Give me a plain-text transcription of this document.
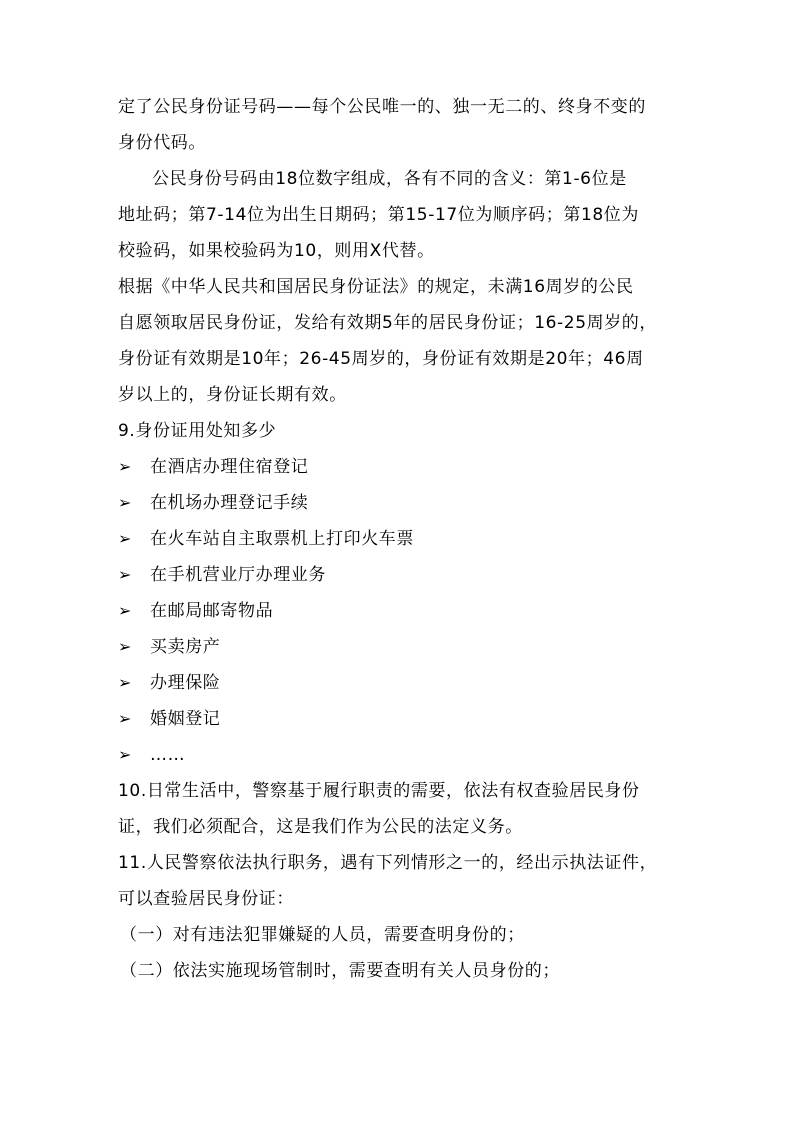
定了公民身份证号码——每个公民唯一的、独一无二的、终身不变的
身份代码。
公民身份号码由18位数字组成，各有不同的含义：第1-6位是
地址码；第7-14位为出生日期码；第15-17位为顺序码；第18位为
校验码，如果校验码为10，则用X代替。
根据《中华人民共和国居民身份证法》的规定，未满16周岁的公民
自愿领取居民身份证，发给有效期5年的居民身份证；16-25周岁的，
身份证有效期是10年；26-45周岁的，身份证有效期是20年；46周
岁以上的，身份证长期有效。
9.身份证用处知多少
➢	在酒店办理住宿登记
➢	在机场办理登记手续
➢	在火车站自主取票机上打印火车票
➢	在手机营业厅办理业务
➢	在邮局邮寄物品
➢	买卖房产
➢	办理保险
➢	婚姻登记
➢	……
10.日常生活中，警察基于履行职责的需要，依法有权查验居民身份
证，我们必须配合，这是我们作为公民的法定义务。
11.人民警察依法执行职务，遇有下列情形之一的，经出示执法证件，
可以查验居民身份证：
（一）对有违法犯罪嫌疑的人员，需要查明身份的；
（二）依法实施现场管制时，需要查明有关人员身份的；
